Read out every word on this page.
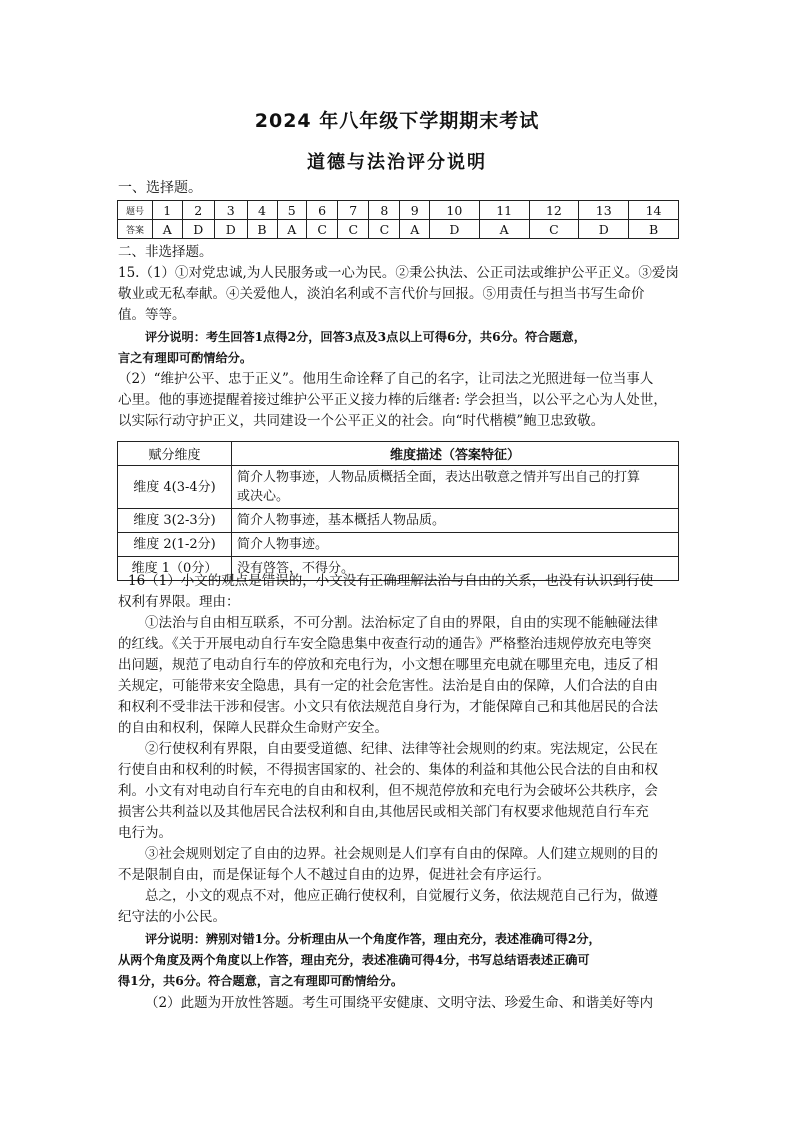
2024 年八年级下学期期末考试
道德与法治评分说明
一、选择题。
题号	1	2	3	4	5	6	7	8	9	10	11	12	13	14
答案	A	D	D	B	A	C	C	C	A	D	A	C	D	B
二、非选择题。
15.（1）①对党忠诚,为人民服务或一心为民。②秉公执法、公正司法或维护公平正义。③爱岗
敬业或无私奉献。④关爱他人，淡泊名利或不言代价与回报。⑤用责任与担当书写生命价
值。等等。
评分说明：考生回答1点得2分，回答3点及3点以上可得6分，共6分。符合题意，
言之有理即可酌情给分。
（2）“维护公平、忠于正义”。他用生命诠释了自己的名字，让司法之光照进每一位当事人
心里。他的事迹提醒着接过维护公平正义接力棒的后继者: 学会担当，以公平之心为人处世，
以实际行动守护正义，共同建设一个公平正义的社会。向“时代楷模”鲍卫忠致敬。
赋分维度	维度描述（答案特征）
维度 4(3-4分)	简介人物事迹，人物品质概括全面，表达出敬意之情并写出自己的打算
或决心。

维度 3(2-3分)	简介人物事迹，基本概括人物品质。
维度 2(1-2分)	简介人物事迹。
维度 1（0分）	没有啓答，不得分。
16（1）小文的观点是错误的，小文没有正确理解法治与自由的关系，也没有认识到行使
权利有界限。理由：
①法治与自由相互联系，不可分割。法治标定了自由的界限，自由的实现不能触碰法律
的红线。《关于开展电动自行车安全隐患集中夜查行动的通告》严格整治违规停放充电等突
出问题，规范了电动自行车的停放和充电行为，小文想在哪里充电就在哪里充电，违反了相
关规定，可能带来安全隐患，具有一定的社会危害性。法治是自由的保障，人们合法的自由
和权利不受非法干涉和侵害。小文只有依法规范自身行为，才能保障自己和其他居民的合法
的自由和权利，保障人民群众生命财产安全。
②行使权利有界限，自由要受道德、纪律、法律等社会规则的约束。宪法规定，公民在
行使自由和权利的时候，不得损害国家的、社会的、集体的利益和其他公民合法的自由和权
利。小文有对电动自行车充电的自由和权利，但不规范停放和充电行为会破坏公共秩序，会
损害公共利益以及其他居民合法权利和自由,其他居民或相关部门有权要求他规范自行车充
电行为。
③社会规则划定了自由的边界。社会规则是人们享有自由的保障。人们建立规则的目的
不是限制自由，而是保证每个人不越过自由的边界，促进社会有序运行。
总之，小文的观点不对，他应正确行使权利，自觉履行义务，依法规范自己行为，做遵
纪守法的小公民。
评分说明：辨别对错1分。分析理由从一个角度作答，理由充分，表述准确可得2分，
从两个角度及两个角度以上作答，理由充分，表述准确可得4分，书写总结语表述正确可
得1分，共6分。符合题意，言之有理即可酌情给分。
（2）此题为开放性答题。考生可围绕平安健康、文明守法、珍爱生命、和谐美好等内
